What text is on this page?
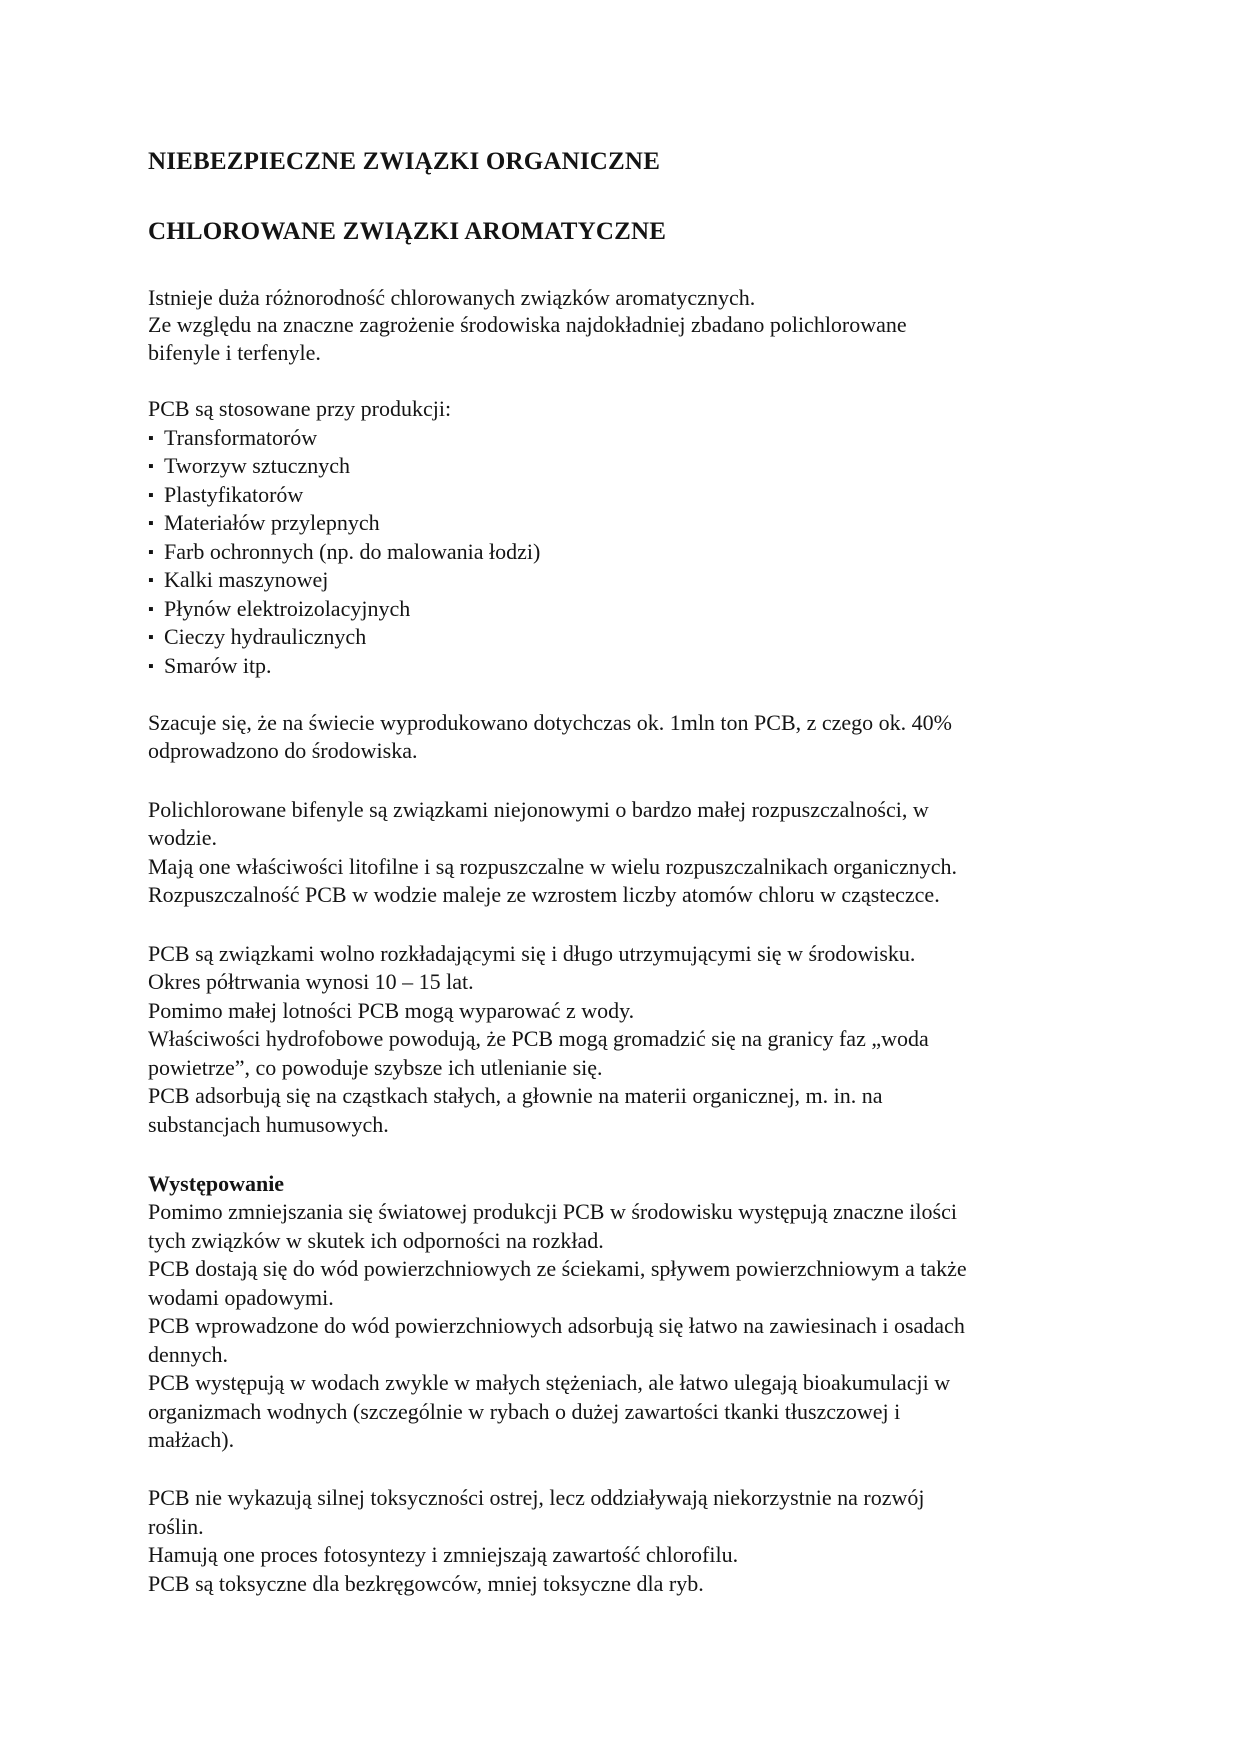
NIEBEZPIECZNE ZWIĄZKI ORGANICZNE
CHLOROWANE ZWIĄZKI AROMATYCZNE
Istnieje duża różnorodność chlorowanych związków aromatycznych.
Ze względu na znaczne zagrożenie środowiska najdokładniej zbadano polichlorowane
bifenyle i terfenyle.
PCB są stosowane przy produkcji:
▪ Transformatorów
▪ Tworzyw sztucznych
▪ Plastyfikatorów
▪ Materiałów przylepnych
▪ Farb ochronnych (np. do malowania łodzi)
▪ Kalki maszynowej
▪ Płynów elektroizolacyjnych
▪ Cieczy hydraulicznych
▪ Smarów itp.
Szacuje się, że na świecie wyprodukowano dotychczas ok. 1mln ton PCB, z czego ok. 40%
odprowadzono do środowiska.
Polichlorowane bifenyle są związkami niejonowymi o bardzo małej rozpuszczalności, w
wodzie.
Mają one właściwości litofilne i są rozpuszczalne w wielu rozpuszczalnikach organicznych.
Rozpuszczalność PCB w wodzie maleje ze wzrostem liczby atomów chloru w cząsteczce.
PCB są związkami wolno rozkładającymi się i długo utrzymującymi się w środowisku.
Okres półtrwania wynosi 10 – 15 lat.
Pomimo małej lotności PCB mogą wyparować z wody.
Właściwości hydrofobowe powodują, że PCB mogą gromadzić się na granicy faz „woda
powietrze”, co powoduje szybsze ich utlenianie się.
PCB adsorbują się na cząstkach stałych, a głownie na materii organicznej, m. in. na
substancjach humusowych.
Występowanie
Pomimo zmniejszania się światowej produkcji PCB w środowisku występują znaczne ilości
tych związków w skutek ich odporności na rozkład.
PCB dostają się do wód powierzchniowych ze ściekami, spływem powierzchniowym a także
wodami opadowymi.
PCB wprowadzone do wód powierzchniowych adsorbują się łatwo na zawiesinach i osadach
dennych.
PCB występują w wodach zwykle w małych stężeniach, ale łatwo ulegają bioakumulacji w
organizmach wodnych (szczególnie w rybach o dużej zawartości tkanki tłuszczowej i
małżach).
PCB nie wykazują silnej toksyczności ostrej, lecz oddziaływają niekorzystnie na rozwój
roślin.
Hamują one proces fotosyntezy i zmniejszają zawartość chlorofilu.
PCB są toksyczne dla bezkręgowców, mniej toksyczne dla ryb.
